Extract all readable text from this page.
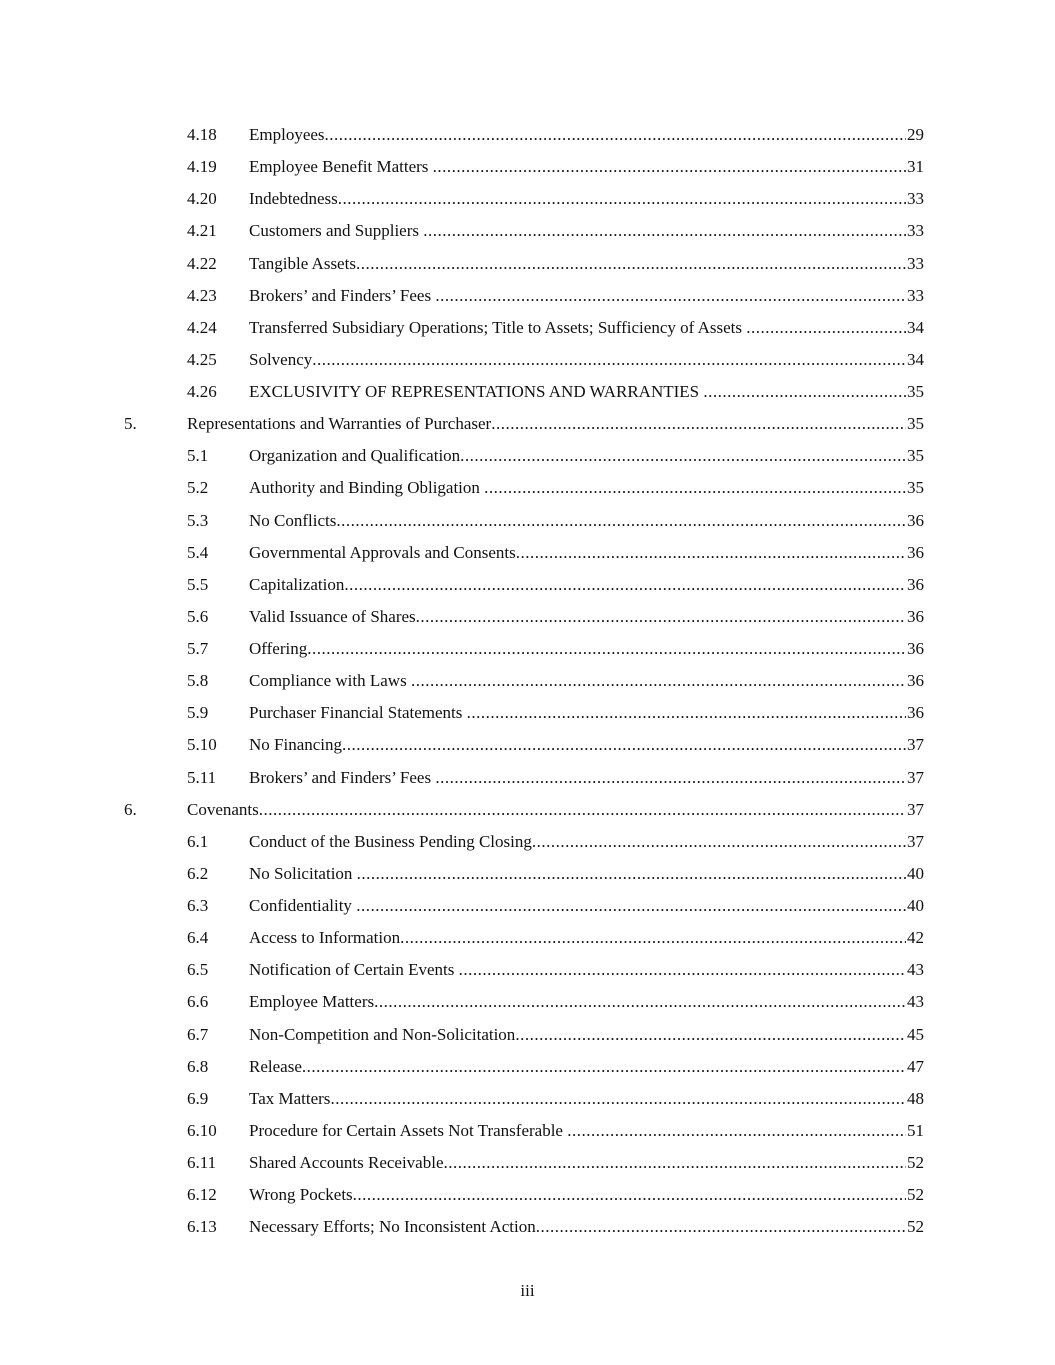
4.18 Employees .....	29
4.19 Employee Benefit Matters .....	31
4.20 Indebtedness .....	33
4.21 Customers and Suppliers .....	33
4.22 Tangible Assets .....	33
4.23 Brokers’ and Finders’ Fees .....	33
4.24 Transferred Subsidiary Operations; Title to Assets; Sufficiency of Assets .....	34
4.25 Solvency .....	34
4.26 EXCLUSIVITY OF REPRESENTATIONS AND WARRANTIES .....	35
5.	Representations and Warranties of Purchaser .....	35
5.1 Organization and Qualification .....	35
5.2 Authority and Binding Obligation .....	35
5.3 No Conflicts .....	36
5.4 Governmental Approvals and Consents .....	36
5.5 Capitalization .....	36
5.6 Valid Issuance of Shares .....	36
5.7 Offering .....	36
5.8 Compliance with Laws .....	36
5.9 Purchaser Financial Statements .....	36
5.10 No Financing .....	37
5.11 Brokers’ and Finders’ Fees .....	37
6.	Covenants .....	37
6.1 Conduct of the Business Pending Closing .....	37
6.2 No Solicitation .....	40
6.3 Confidentiality .....	40
6.4 Access to Information .....	42
6.5 Notification of Certain Events .....	43
6.6 Employee Matters .....	43
6.7 Non-Competition and Non-Solicitation .....	45
6.8 Release .....	47
6.9 Tax Matters .....	48
6.10 Procedure for Certain Assets Not Transferable .....	51
6.11 Shared Accounts Receivable .....	52
6.12 Wrong Pockets .....	52
6.13 Necessary Efforts; No Inconsistent Action .....	52
iii
